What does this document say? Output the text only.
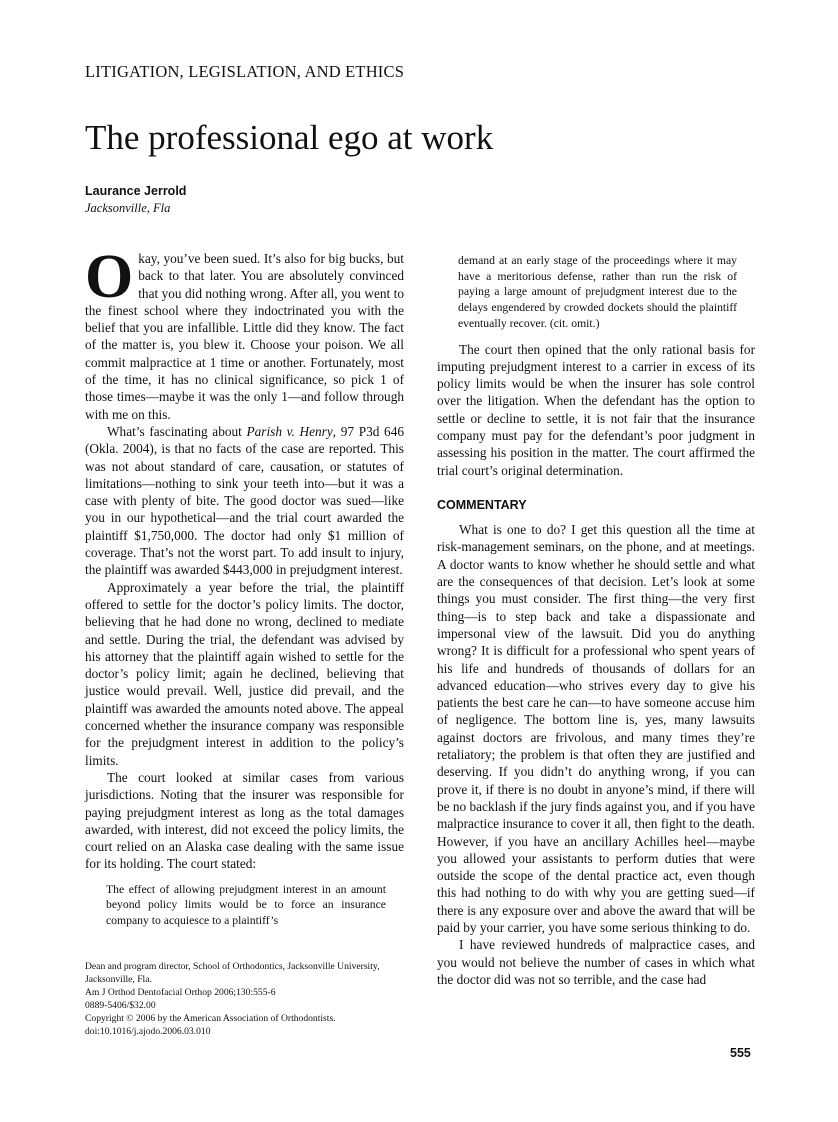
LITIGATION, LEGISLATION, AND ETHICS
The professional ego at work
Laurance Jerrold
Jacksonville, Fla

Okay, you’ve been sued. It’s also for big bucks, but back to that later. You are absolutely convinced that you did nothing wrong. After all, you went to the finest school where they indoctrinated you with the belief that you are infallible. Little did they know. The fact of the matter is, you blew it. Choose your poison. We all commit malpractice at 1 time or another. Fortunately, most of the time, it has no clinical significance, so pick 1 of those times—maybe it was the only 1—and follow through with me on this.

What’s fascinating about Parish v. Henry, 97 P3d 646 (Okla. 2004), is that no facts of the case are reported. This was not about standard of care, causation, or statutes of limitations—nothing to sink your teeth into—but it was a case with plenty of bite. The good doctor was sued—like you in our hypothetical—and the trial court awarded the plaintiff $1,750,000. The doctor had only $1 million of coverage. That’s not the worst part. To add insult to injury, the plaintiff was awarded $443,000 in prejudgment interest.

Approximately a year before the trial, the plaintiff offered to settle for the doctor’s policy limits. The doctor, believing that he had done no wrong, declined to mediate and settle. During the trial, the defendant was advised by his attorney that the plaintiff again wished to settle for the doctor’s policy limit; again he declined, believing that justice would prevail. Well, justice did prevail, and the plaintiff was awarded the amounts noted above. The appeal concerned whether the insurance company was responsible for the prejudgment interest in addition to the policy’s limits.

The court looked at similar cases from various jurisdictions. Noting that the insurer was responsible for paying prejudgment interest as long as the total damages awarded, with interest, did not exceed the policy limits, the court relied on an Alaska case dealing with the same issue for its holding. The court stated:

The effect of allowing prejudgment interest in an amount beyond policy limits would be to force an insurance company to acquiesce to a plaintiff’s

demand at an early stage of the proceedings where it may have a meritorious defense, rather than run the risk of paying a large amount of prejudgment interest due to the delays engendered by crowded dockets should the plaintiff eventually recover. (cit. omit.)

The court then opined that the only rational basis for imputing prejudgment interest to a carrier in excess of its policy limits would be when the insurer has sole control over the litigation. When the defendant has the option to settle or decline to settle, it is not fair that the insurance company must pay for the defendant’s poor judgment in assessing his position in the matter. The court affirmed the trial court’s original determination.

COMMENTARY

What is one to do? I get this question all the time at risk-management seminars, on the phone, and at meetings. A doctor wants to know whether he should settle and what are the consequences of that decision. Let’s look at some things you must consider. The first thing—the very first thing—is to step back and take a dispassionate and impersonal view of the lawsuit. Did you do anything wrong? It is difficult for a professional who spent years of his life and hundreds of thousands of dollars for an advanced education—who strives every day to give his patients the best care he can—to have someone accuse him of negligence. The bottom line is, yes, many lawsuits against doctors are frivolous, and many times they’re retaliatory; the problem is that often they are justified and deserving. If you didn’t do anything wrong, if you can prove it, if there is no doubt in anyone’s mind, if there will be no backlash if the jury finds against you, and if you have malpractice insurance to cover it all, then fight to the death. However, if you have an ancillary Achilles heel—maybe you allowed your assistants to perform duties that were outside the scope of the dental practice act, even though this had nothing to do with why you are getting sued—if there is any exposure over and above the award that will be paid by your carrier, you have some serious thinking to do.

I have reviewed hundreds of malpractice cases, and you would not believe the number of cases in which what the doctor did was not so terrible, and the case had

Dean and program director, School of Orthodontics, Jacksonville University,
Jacksonville, Fla.
Am J Orthod Dentofacial Orthop 2006;130:555-6
0889-5406/$32.00
Copyright © 2006 by the American Association of Orthodontists.
doi:10.1016/j.ajodo.2006.03.010
555
